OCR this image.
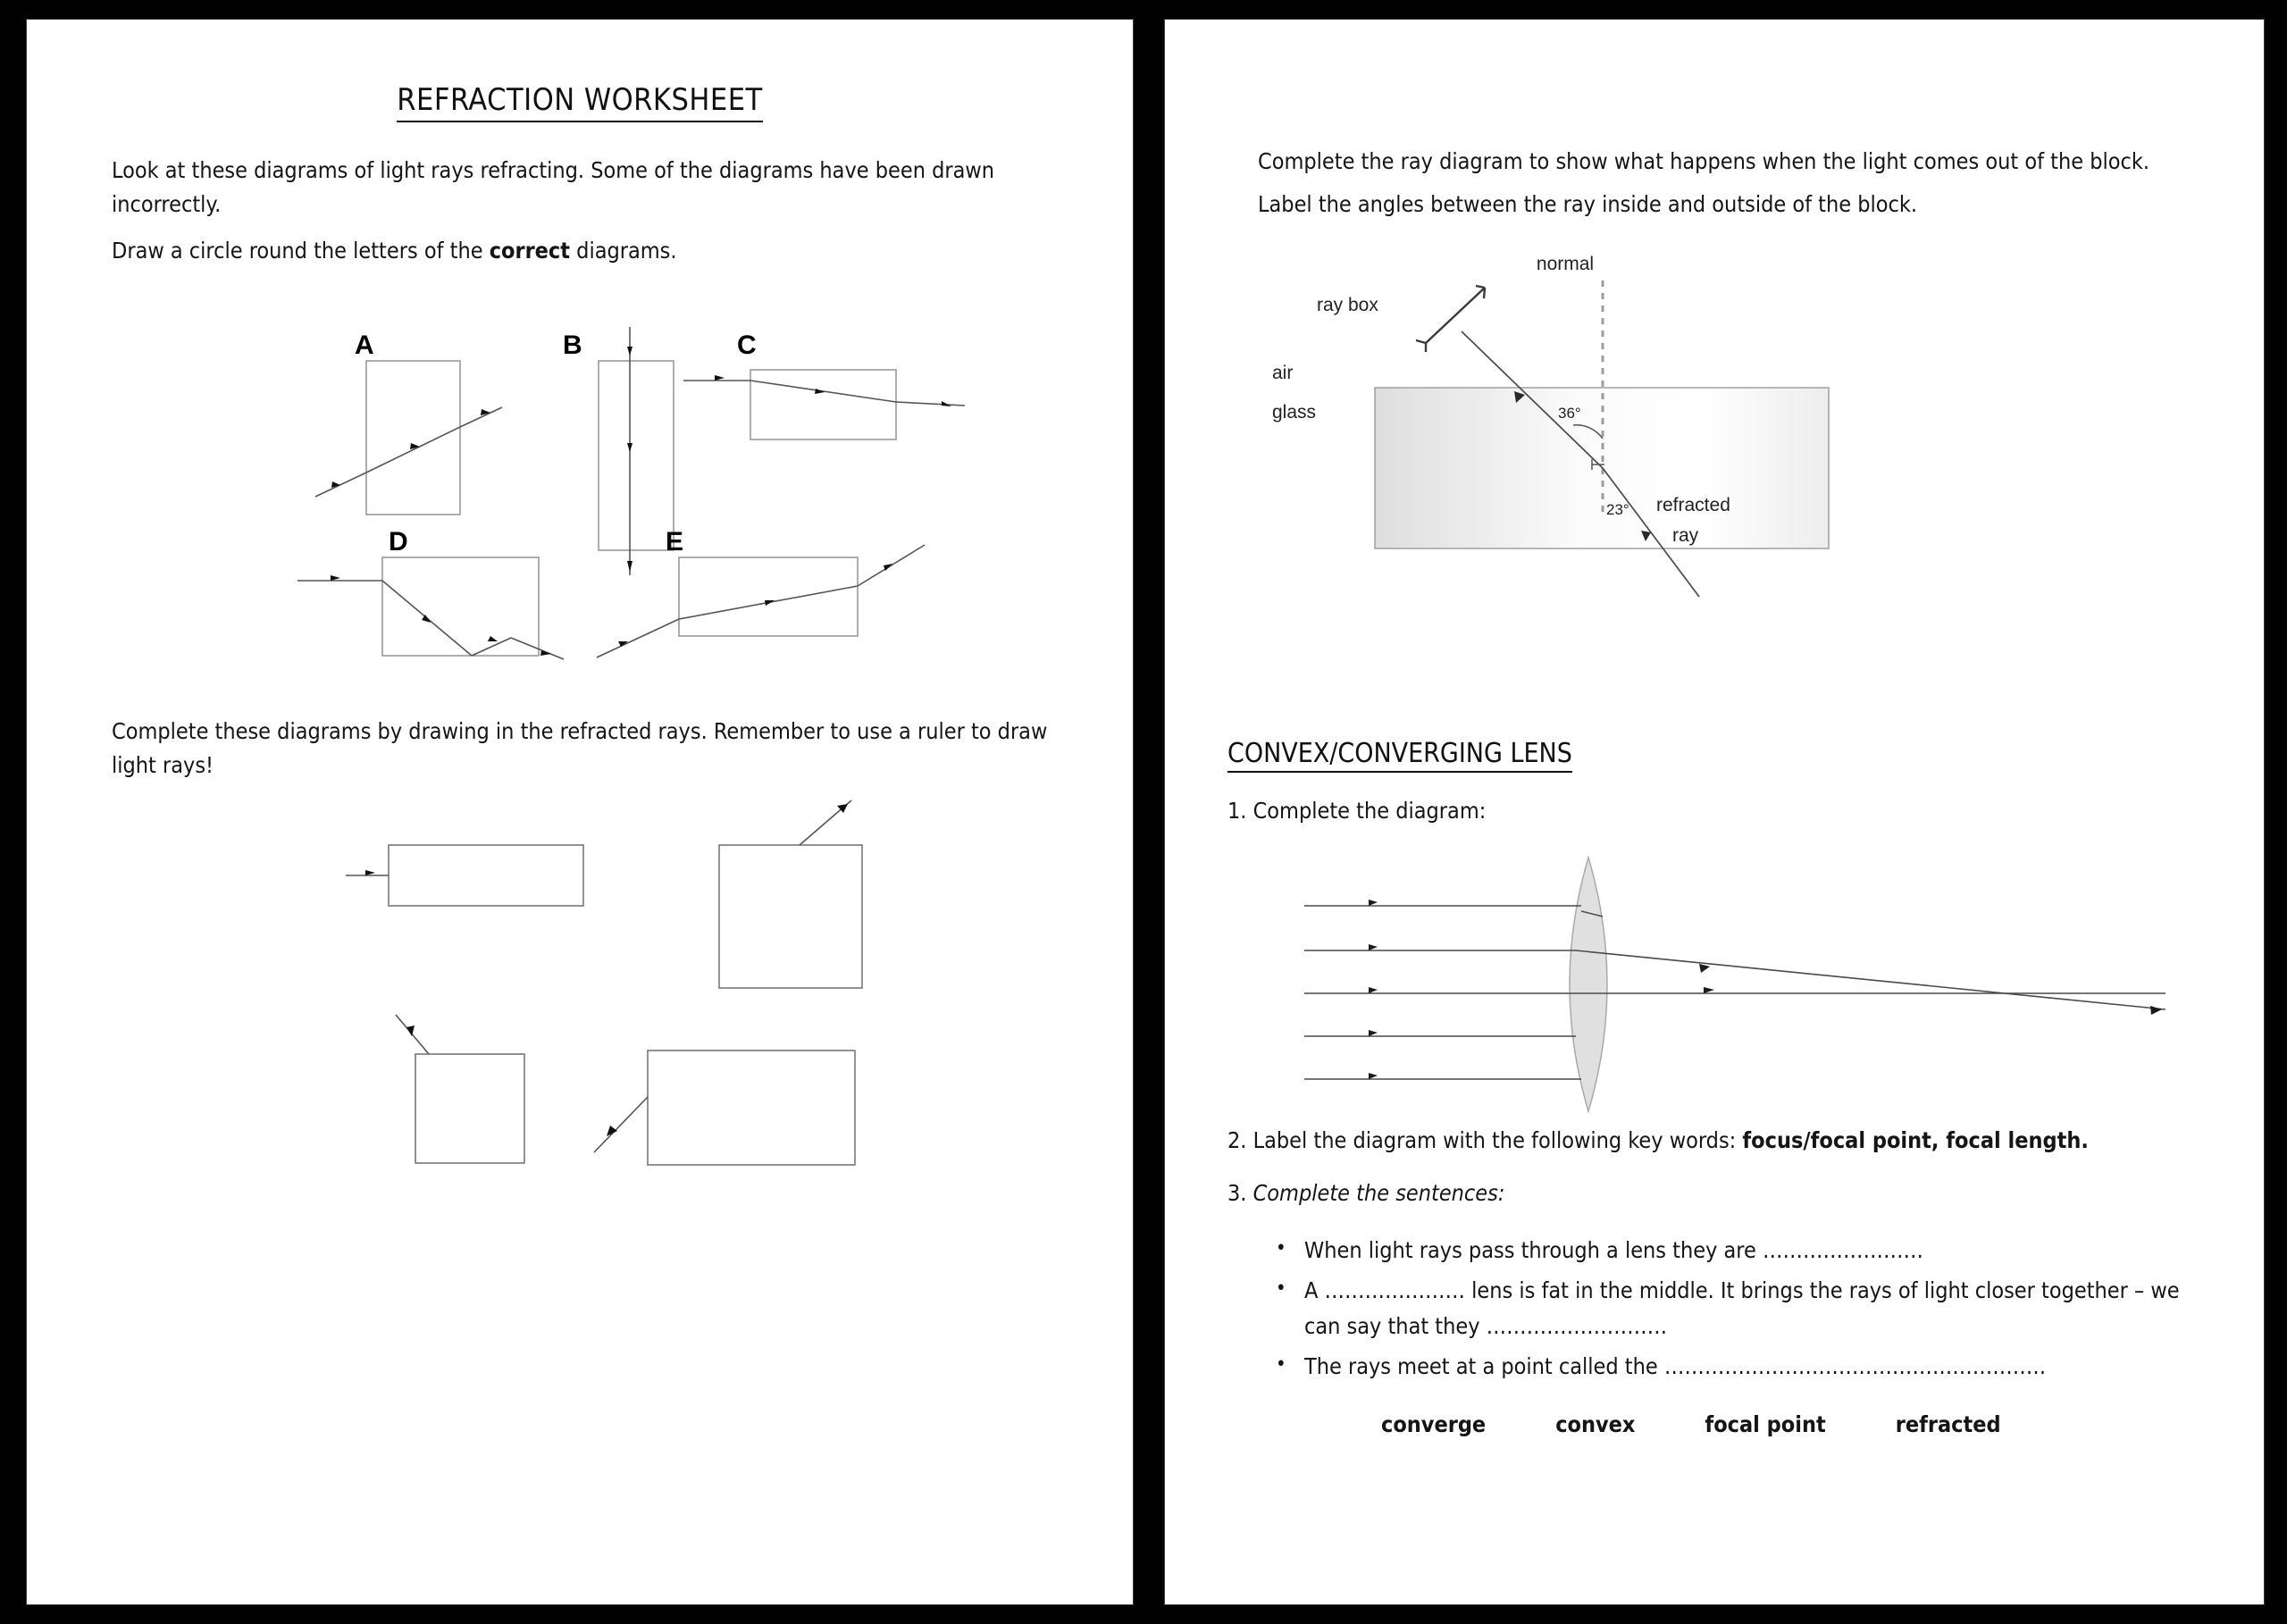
REFRACTION WORKSHEET

Look at these diagrams of light rays refracting. Some of the diagrams have been drawn incorrectly.

Draw a circle round the letters of the correct diagrams.

A	B	C
D	E

Complete these diagrams by drawing in the refracted rays. Remember to use a ruler to draw light rays!

Complete the ray diagram to show what happens when the light comes out of the block.

Label the angles between the ray inside and outside of the block.

normal
ray box
36°
air
glass
23° refracted
ray
CONVEX/CONVERGING LENS

1. Complete the diagram:

2. Label the diagram with the following key words: focus/focal point, focal length.

3. Complete the sentences:

• When light rays pass through a lens they are ……………………
• A ………………… lens is fat in the middle. It brings the rays of light closer together – we can say that they ………………………
• The rays meet at a point called the …………………………………………………
converge	convex	focal point	refracted
